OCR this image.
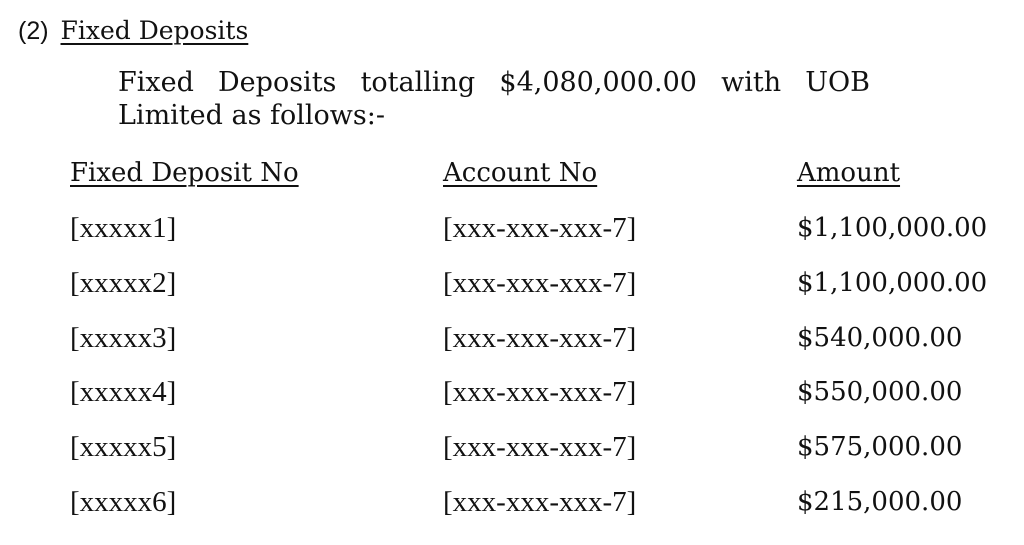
(2) Fixed Deposits
Fixed Deposits totalling $4,080,000.00 with UOB
Limited as follows:-
Fixed Deposit No	Account No	Amount
[xxxxx1]	[xxx-xxx-xxx-7]	$1,100,000.00
[xxxxx2]	[xxx-xxx-xxx-7]	$1,100,000.00
[xxxxx3]	[xxx-xxx-xxx-7]	$540,000.00
[xxxxx4]	[xxx-xxx-xxx-7]	$550,000.00
[xxxxx5]	[xxx-xxx-xxx-7]	$575,000.00
[xxxxx6]	[xxx-xxx-xxx-7]	$215,000.00
